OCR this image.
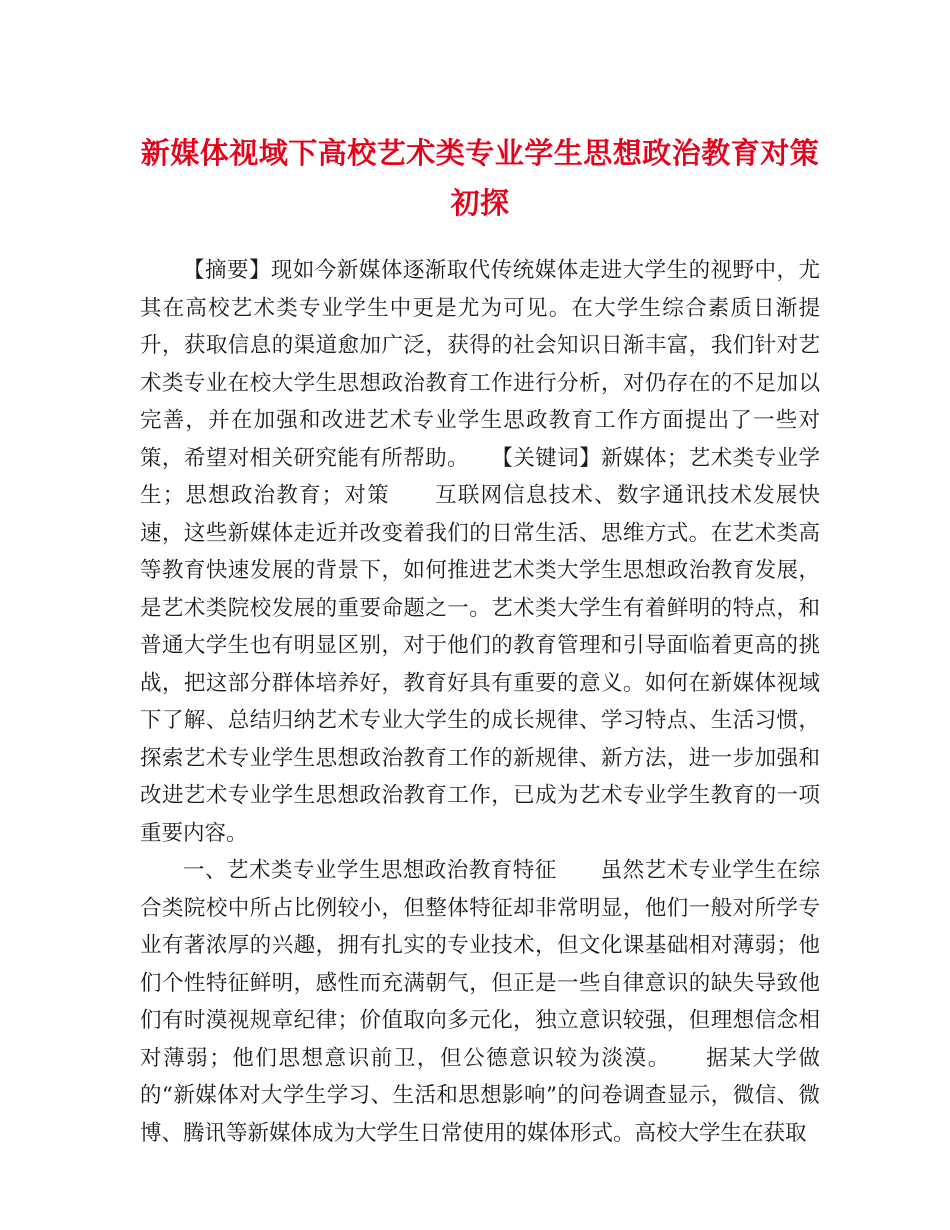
新媒体视域下高校艺术类专业学生思想政治教育对策初探

【摘要】现如今新媒体逐渐取代传统媒体走进大学生的视野中，尤其在高校艺术类专业学生中更是尤为可见。在大学生综合素质日渐提升，获取信息的渠道愈加广泛，获得的社会知识日渐丰富，我们针对艺术类专业在校大学生思想政治教育工作进行分析，对仍存在的不足加以完善，并在加强和改进艺术专业学生思政教育工作方面提出了一些对策，希望对相关研究能有所帮助。　　【关键词】新媒体；艺术类专业学生；思想政治教育；对策　　互联网信息技术、数字通讯技术发展快速，这些新媒体走近并改变着我们的日常生活、思维方式。在艺术类高等教育快速发展的背景下，如何推进艺术类大学生思想政治教育发展，是艺术类院校发展的重要命题之一。艺术类大学生有着鲜明的特点，和普通大学生也有明显区别，对于他们的教育管理和引导面临着更高的挑战，把这部分群体培养好，教育好具有重要的意义。如何在新媒体视域下了解、总结归纳艺术专业大学生的成长规律、学习特点、生活习惯，探索艺术专业学生思想政治教育工作的新规律、新方法，进一步加强和改进艺术专业学生思想政治教育工作，已成为艺术专业学生教育的一项重要内容。

一、艺术类专业学生思想政治教育特征　　虽然艺术专业学生在综合类院校中所占比例较小，但整体特征却非常明显，他们一般对所学专业有著浓厚的兴趣，拥有扎实的专业技术，但文化课基础相对薄弱；他们个性特征鲜明，感性而充满朝气，但正是一些自律意识的缺失导致他们有时漠视规章纪律；价值取向多元化，独立意识较强，但理想信念相对薄弱；他们思想意识前卫，但公德意识较为淡漠。　　据某大学做的“新媒体对大学生学习、生活和思想影响”的问卷调查显示，微信、微博、腾讯等新媒体成为大学生日常使用的媒体形式。高校大学生在获取
